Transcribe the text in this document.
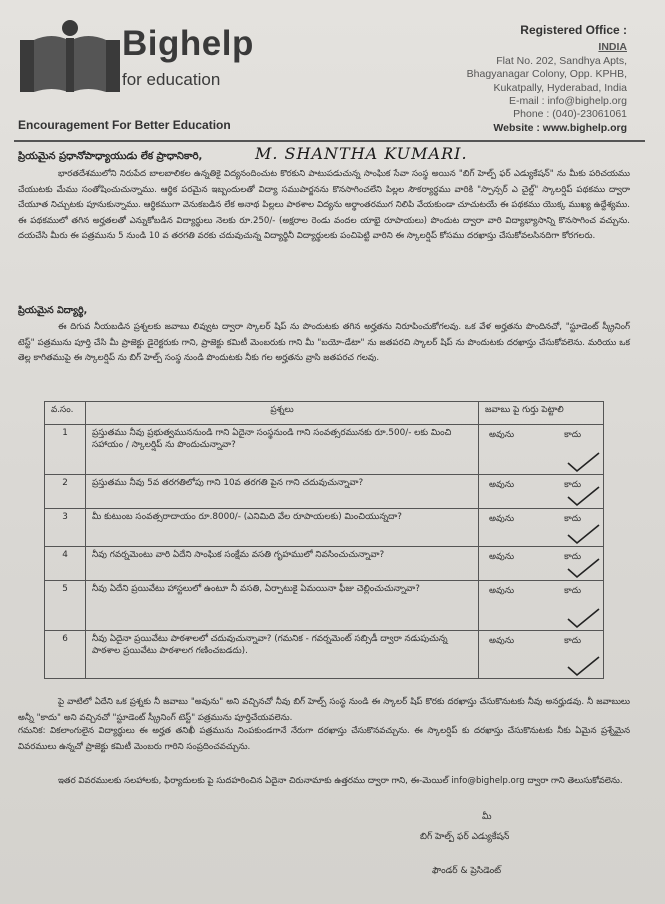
Bighelp
for education
Encouragement For Better Education
Registered Office :
INDIA
Flat No. 202, Sandhya Apts,
Bhagyanagar Colony, Opp. KPHB,
Kukatpally, Hyderabad, India
E-mail : info@bighelp.org
Phone : (040)-23061061
Website : www.bighelp.org
ప్రియమైన ప్రధానోపాధ్యాయుడు లేక ప్రాధానికారి,	M. SHANTHA KUMARI.
భారతదేశములోని నిరుపేద బాలబాలికల ఉన్నతికై విద్యనందించుట కొరకుని పాటుపడుచున్న సాంఘిక సేవా సంస్థ అయిన "బిగ్ హెల్ప్ ఫర్ ఎడ్యుకేషన్" ను మీకు పరిచయము చేయుటకు మేము సంతోషించుచున్నాము. ఆర్థిక పరమైన ఇబ్బందులతో విద్యా సముపార్జనను కొనసాగించలేని పిల్లల సౌకర్యార్థము వారికి "స్పాన్సర్ ఎ చైల్డ్" స్కాలర్షిప్ పథకము ద్వారా చేయూత నిచ్చుటకు పూనుకున్నాము. ఆర్థికముగా వెనుకబడిన లేక అనాథ పిల్లలు పాఠశాల విద్యను అర్థాంతరముగ నిలిపి వేయకుండా చూచుటయే ఈ పథకము యొక్క ముఖ్య ఉద్దేశ్యము. ఈ పథకములో తగిన అర్హతలతో ఎన్నుకోబడిన విద్యార్థులు నెలకు రూ.250/- (అక్షరాల రెండు వందల యాభై రూపాయలు) పొందుట ద్వారా వారి విద్యాభ్యాసాన్ని కొనసాగించ వచ్చును. దయచేసి మీరు ఈ పత్రమును 5 నుండి 10 వ తరగతి వరకు చదువుచున్న విద్యార్థినీ విద్యార్థులకు పంచిపెట్టి వారిని ఈ స్కాలర్షిప్ కోసము దరఖాస్తు చేసుకోవలసినదిగా కోరగలరు.
ప్రియమైన విద్యార్థి,
ఈ దిగువ నీయబడిన ప్రశ్నలకు జవాబు లివ్వుట ద్వారా స్కాలర్ షిప్ ను పొందుటకు తగిన అర్హతను నిరూపించుకోగలవు. ఒక వేళ అర్హతను పొందినచో, "స్టూడెంట్ స్క్రీనింగ్ టెస్ట్" పత్రమును పూర్తి చేసి మీ ప్రాజెక్టు డైరెక్టరుకు గాని, ప్రాజెక్టు కమిటీ మెంబరుకు గాని మీ "బయో-డేటా" ను జతపరచి స్కాలర్ షిప్ ను పొందుటకు దరఖాస్తు చేసుకోవలెను. మరియు ఒక తెల్ల కాగితముపై ఈ స్కాలర్షిప్ ను బిగ్ హెల్ప్ సంస్థ నుండి పొందుటకు నీకు గల అర్హతను వ్రాసి జతపరచ గలవు.
వ.సం.	ప్రశ్నలు	జవాబు పై గుర్తు పెట్టాలి
1	ప్రస్తుతము నీవు ప్రభుత్వముననుండి గాని ఏదైనా సంస్థనుండి గాని సంవత్సరమునకు రూ.500/- లకు మించి సహాయం / స్కాలర్షిప్ ను పొందుచున్నావా?	అవును కాదు

2	ప్రస్తుతము నీవు 5వ తరగతిలోపు గాని 10వ తరగతి పైన గాని చదువుచున్నావా?	అవును కాదు

3	మీ కుటుంబ సంవత్సరాదాయం రూ.8000/- (ఎనిమిది వేల రూపాయలకు) మించియున్నదా?	అవును కాదు

4	నీవు గవర్నమెంటు వారి ఏదేని సాంఘిక సంక్షేమ వసతి గృహములో నివసించుచున్నావా?	అవును కాదు

5	నీవు ఏదేని ప్రయివేటు హాస్టలులో ఉంటూ నీ వసతి, ఏర్పాటుకై ఏమయినా ఫీజు చెల్లించుచున్నావా?	అవును కాదు

6	నీవు ఏదైనా ప్రయివేటు పాఠశాలలో చదువుచున్నావా? (గమనిక - గవర్నమెంట్ సబ్సిడీ ద్వారా నడుపుచున్న పాఠశాల ప్రయివేటు పాఠశాలగ గణించబడదు).	అవును కాదు
పై వాటిలో ఏదేని ఒక ప్రశ్నకు నీ జవాబు "అవును" అని వచ్చినచో నీవు బిగ్ హెల్ప్ సంస్థ నుండి ఈ స్కాలర్ షిప్ కొరకు దరఖాస్తు చేసుకొనుటకు నీవు అనర్హుడవు. నీ జవాబులు అన్నీ "కాదు" అని వచ్చినచో "స్టూడెంట్ స్క్రీనింగ్ టెస్ట్" పత్రమును పూర్తిచేయవలెను.
గమనిక: వికలాంగులైన విద్యార్థులు ఈ అర్హత తనిఖీ పత్రమును నింపకుండగానే నేరుగా దరఖాస్తు చేసుకొనవచ్చును. ఈ స్కాలర్షిప్ కు దరఖాస్తు చేసుకొనుటకు నీకు ఏమైన ప్రశ్నేమైన వివరములు ఉన్నచో ప్రాజెక్టు కమిటీ మెంబరు గారిని సంప్రదించవచ్చును.
ఇతర వివరములకు సలహాలకు, ఫిర్యాదులకు పై సుదహరించిన ఏదైనా చిరునామాకు ఉత్తరము ద్వారా గాని, ఈ-మెయిల్ info@bighelp.org ద్వారా గాని తెలుసుకోవలెను.
మీ
బిగ్ హెల్ప్ ఫర్ ఎడ్యుకేషన్
ఫౌండర్ & ప్రెసిడెంట్
